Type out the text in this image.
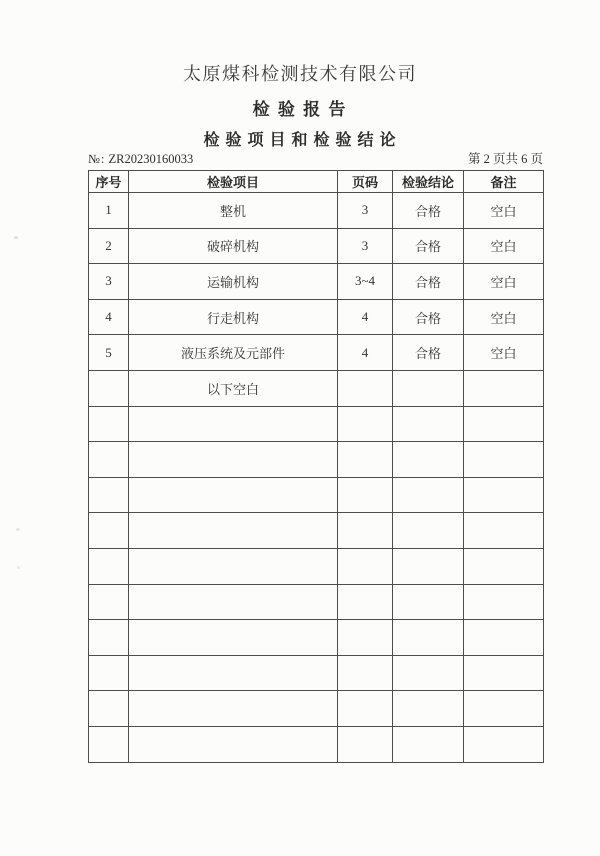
太原煤科检测技术有限公司
检 验 报 告
检 验 项 目 和 检 验 结 论
№: ZR20230160033	第 2 页共 6 页
序号	检验项目	页码	检验结论	备注
1	整机	3	合格	空白
2	破碎机构	3	合格	空白
3	运输机构	3~4	合格	空白
4	行走机构	4	合格	空白
5	液压系统及元部件	4	合格	空白
	以下空白			
